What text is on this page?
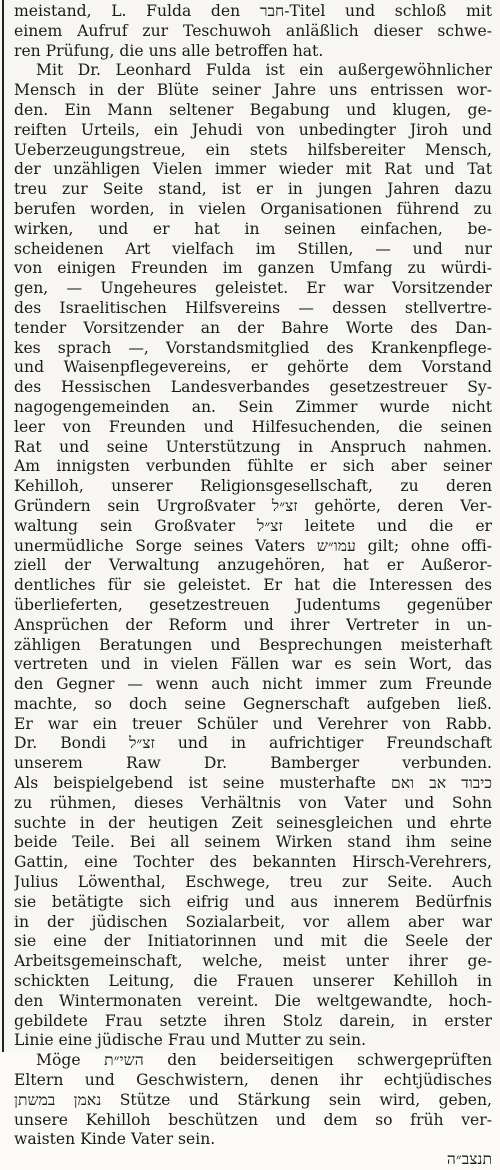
meistand, L. Fulda den חבר-Titel und schloß mit
einem Aufruf zur Teschuwoh anläßlich dieser schwe-
ren Prüfung, die uns alle betroffen hat.
Mit Dr. Leonhard Fulda ist ein außergewöhnlicher
Mensch in der Blüte seiner Jahre uns entrissen wor-
den. Ein Mann seltener Begabung und klugen, ge-
reiften Urteils, ein Jehudi von unbedingter Jiroh und
Ueberzeugungstreue, ein stets hilfsbereiter Mensch,
der unzähligen Vielen immer wieder mit Rat und Tat
treu zur Seite stand, ist er in jungen Jahren dazu
berufen worden, in vielen Organisationen führend zu
wirken, und er hat in seinen einfachen, be-
scheidenen Art vielfach im Stillen, — und nur
von einigen Freunden im ganzen Umfang zu würdi-
gen, — Ungeheures geleistet. Er war Vorsitzender
des Israelitischen Hilfsvereins — dessen stellvertre-
tender Vorsitzender an der Bahre Worte des Dan-
kes sprach —, Vorstandsmitglied des Krankenpflege-
und Waisenpflegevereins, er gehörte dem Vorstand
des Hessischen Landesverbandes gesetzestreuer Sy-
nagogengemeinden an. Sein Zimmer wurde nicht
leer von Freunden und Hilfesuchenden, die seinen
Rat und seine Unterstützung in Anspruch nahmen.
Am innigsten verbunden fühlte er sich aber seiner
Kehilloh, unserer Religionsgesellschaft, zu deren
Gründern sein Urgroßvater זצ״ל gehörte, deren Ver-
waltung sein Großvater זצ״ל leitete und die er
unermüdliche Sorge seines Vaters עמו״ש gilt; ohne offi-
ziell der Verwaltung anzugehören, hat er Außeror-
dentliches für sie geleistet. Er hat die Interessen des
überlieferten, gesetzestreuen Judentums gegenüber
Ansprüchen der Reform und ihrer Vertreter in un-
zähligen Beratungen und Besprechungen meisterhaft
vertreten und in vielen Fällen war es sein Wort, das
den Gegner — wenn auch nicht immer zum Freunde
machte, so doch seine Gegnerschaft aufgeben ließ.
Er war ein treuer Schüler und Verehrer von Rabb.
Dr. Bondi זצ״ל und in aufrichtiger Freundschaft
unserem Raw Dr. Bamberger verbunden.
Als beispielgebend ist seine musterhafte כיבוד אב ואם
zu rühmen, dieses Verhältnis von Vater und Sohn
suchte in der heutigen Zeit seinesgleichen und ehrte
beide Teile. Bei all seinem Wirken stand ihm seine
Gattin, eine Tochter des bekannten Hirsch-Verehrers,
Julius Löwenthal, Eschwege, treu zur Seite. Auch
sie betätigte sich eifrig und aus innerem Bedürfnis
in der jüdischen Sozialarbeit, vor allem aber war
sie eine der Initiatorinnen und mit die Seele der
Arbeitsgemeinschaft, welche, meist unter ihrer ge-
schickten Leitung, die Frauen unserer Kehilloh in
den Wintermonaten vereint. Die weltgewandte, hoch-
gebildete Frau setzte ihren Stolz darein, in erster
Linie eine jüdische Frau und Mutter zu sein.
Möge השי״ת den beiderseitigen schwergeprüften
Eltern und Geschwistern, denen ihr echtjüdisches
נאמן במשתן Stütze und Stärkung sein wird, geben,
unsere Kehilloh beschützen und dem so früh ver-
waisten Kinde Vater sein.
תנצב״ה
